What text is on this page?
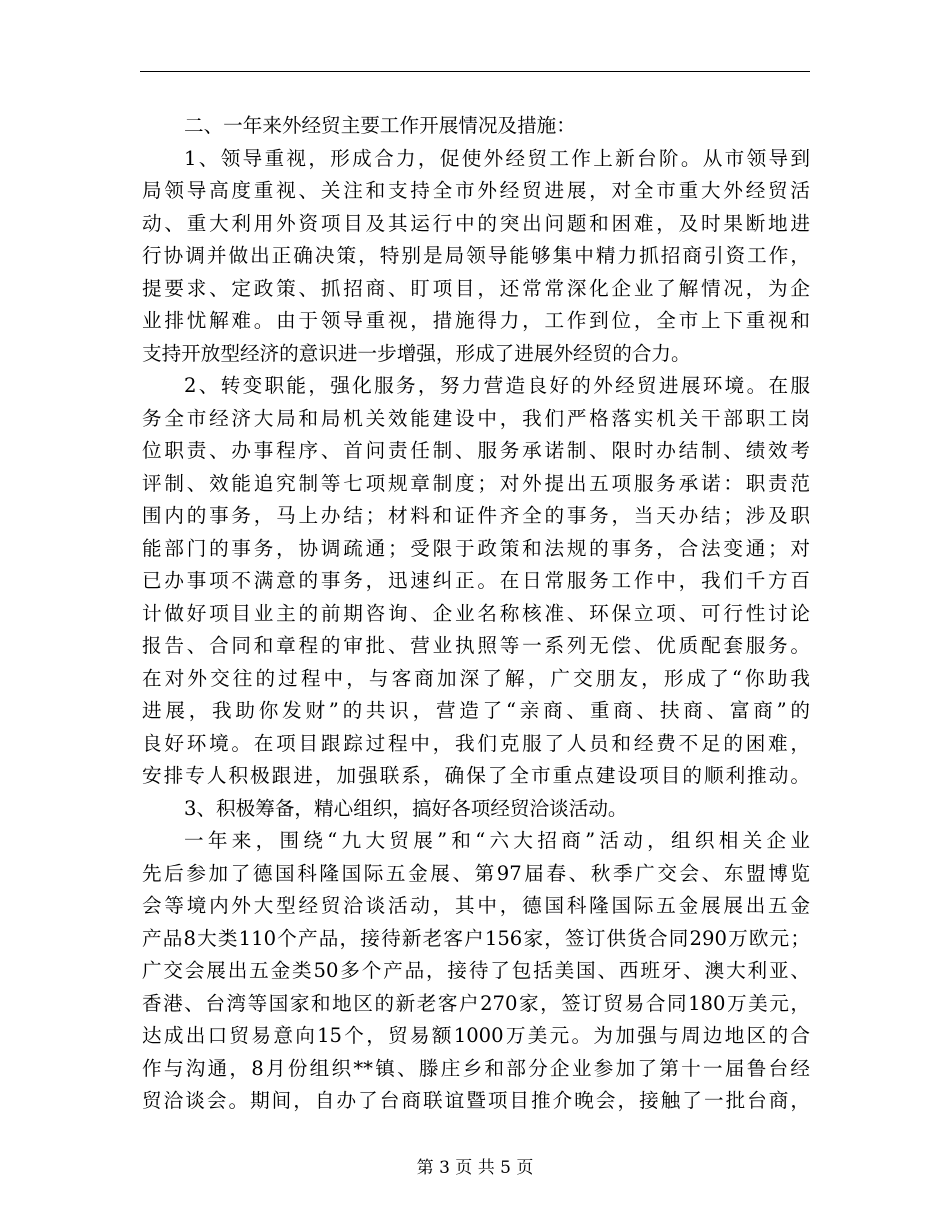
二、一年来外经贸主要工作开展情况及措施：
1、领导重视，形成合力，促使外经贸工作上新台阶。从市领导到
局领导高度重视、关注和支持全市外经贸进展，对全市重大外经贸活
动、重大利用外资项目及其运行中的突出问题和困难，及时果断地进
行协调并做出正确决策，特别是局领导能够集中精力抓招商引资工作，
提要求、定政策、抓招商、盯项目，还常常深化企业了解情况，为企
业排忧解难。由于领导重视，措施得力，工作到位，全市上下重视和
支持开放型经济的意识进一步增强，形成了进展外经贸的合力。
2、转变职能，强化服务，努力营造良好的外经贸进展环境。在服
务全市经济大局和局机关效能建设中，我们严格落实机关干部职工岗
位职责、办事程序、首问责任制、服务承诺制、限时办结制、绩效考
评制、效能追究制等七项规章制度；对外提出五项服务承诺：职责范
围内的事务，马上办结；材料和证件齐全的事务，当天办结；涉及职
能部门的事务，协调疏通；受限于政策和法规的事务，合法变通；对
已办事项不满意的事务，迅速纠正。在日常服务工作中，我们千方百
计做好项目业主的前期咨询、企业名称核准、环保立项、可行性讨论
报告、合同和章程的审批、营业执照等一系列无偿、优质配套服务。
在对外交往的过程中，与客商加深了解，广交朋友，形成了“你助我
进展，我助你发财”的共识，营造了“亲商、重商、扶商、富商”的
良好环境。在项目跟踪过程中，我们克服了人员和经费不足的困难，
安排专人积极跟进，加强联系，确保了全市重点建设项目的顺利推动。
3、积极筹备，精心组织，搞好各项经贸洽谈活动。
一年来，围绕“九大贸展”和“六大招商”活动，组织相关企业
先后参加了德国科隆国际五金展、第97届春、秋季广交会、东盟博览
会等境内外大型经贸洽谈活动，其中，德国科隆国际五金展展出五金
产品8大类110个产品，接待新老客户156家，签订供货合同290万欧元；
广交会展出五金类50多个产品，接待了包括美国、西班牙、澳大利亚、
香港、台湾等国家和地区的新老客户270家，签订贸易合同180万美元，
达成出口贸易意向15个，贸易额1000万美元。为加强与周边地区的合
作与沟通，8月份组织**镇、滕庄乡和部分企业参加了第十一届鲁台经
贸洽谈会。期间，自办了台商联谊暨项目推介晚会，接触了一批台商，
第 3 页 共 5 页
